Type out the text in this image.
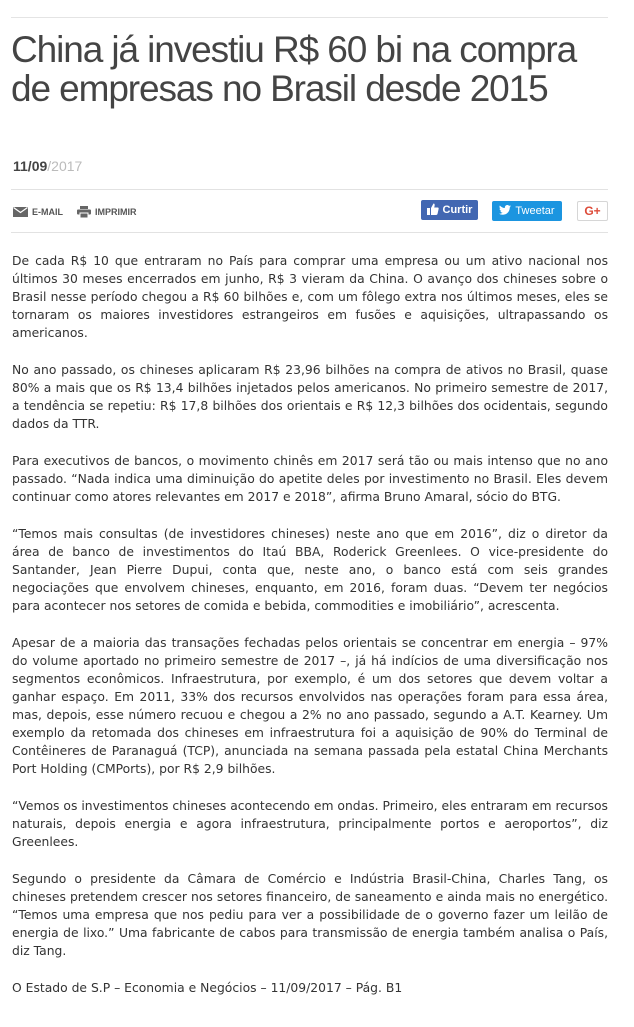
China já investiu R$ 60 bi na compra de empresas no Brasil desde 2015
11/09/2017
E-MAIL	IMPRIMIR	Curtir	Tweetar G+

De cada R$ 10 que entraram no País para comprar uma empresa ou um ativo nacional nos últimos 30 meses encerrados em junho, R$ 3 vieram da China. O avanço dos chineses sobre o Brasil nesse período chegou a R$ 60 bilhões e, com um fôlego extra nos últimos meses, eles se tornaram os maiores investidores estrangeiros em fusões e aquisições, ultrapassando os americanos.

No ano passado, os chineses aplicaram R$ 23,96 bilhões na compra de ativos no Brasil, quase 80% a mais que os R$ 13,4 bilhões injetados pelos americanos. No primeiro semestre de 2017, a tendência se repetiu: R$ 17,8 bilhões dos orientais e R$ 12,3 bilhões dos ocidentais, segundo dados da TTR.

Para executivos de bancos, o movimento chinês em 2017 será tão ou mais intenso que no ano passado. “Nada indica uma diminuição do apetite deles por investimento no Brasil. Eles devem continuar como atores relevantes em 2017 e 2018”, afirma Bruno Amaral, sócio do BTG.

“Temos mais consultas (de investidores chineses) neste ano que em 2016”, diz o diretor da área de banco de investimentos do Itaú BBA, Roderick Greenlees. O vice-presidente do Santander, Jean Pierre Dupui, conta que, neste ano, o banco está com seis grandes negociações que envolvem chineses, enquanto, em 2016, foram duas. “Devem ter negócios para acontecer nos setores de comida e bebida, commodities e imobiliário”, acrescenta.

Apesar de a maioria das transações fechadas pelos orientais se concentrar em energia – 97% do volume aportado no primeiro semestre de 2017 –, já há indícios de uma diversificação nos segmentos econômicos. Infraestrutura, por exemplo, é um dos setores que devem voltar a ganhar espaço. Em 2011, 33% dos recursos envolvidos nas operações foram para essa área, mas, depois, esse número recuou e chegou a 2% no ano passado, segundo a A.T. Kearney. Um exemplo da retomada dos chineses em infraestrutura foi a aquisição de 90% do Terminal de Contêineres de Paranaguá (TCP), anunciada na semana passada pela estatal China Merchants Port Holding (CMPorts), por R$ 2,9 bilhões.

“Vemos os investimentos chineses acontecendo em ondas. Primeiro, eles entraram em recursos naturais, depois energia e agora infraestrutura, principalmente portos e aeroportos”, diz Greenlees.

Segundo o presidente da Câmara de Comércio e Indústria Brasil-China, Charles Tang, os chineses pretendem crescer nos setores financeiro, de saneamento e ainda mais no energético. “Temos uma empresa que nos pediu para ver a possibilidade de o governo fazer um leilão de energia de lixo.” Uma fabricante de cabos para transmissão de energia também analisa o País, diz Tang.

O Estado de S.P – Economia e Negócios – 11/09/2017 – Pág. B1
